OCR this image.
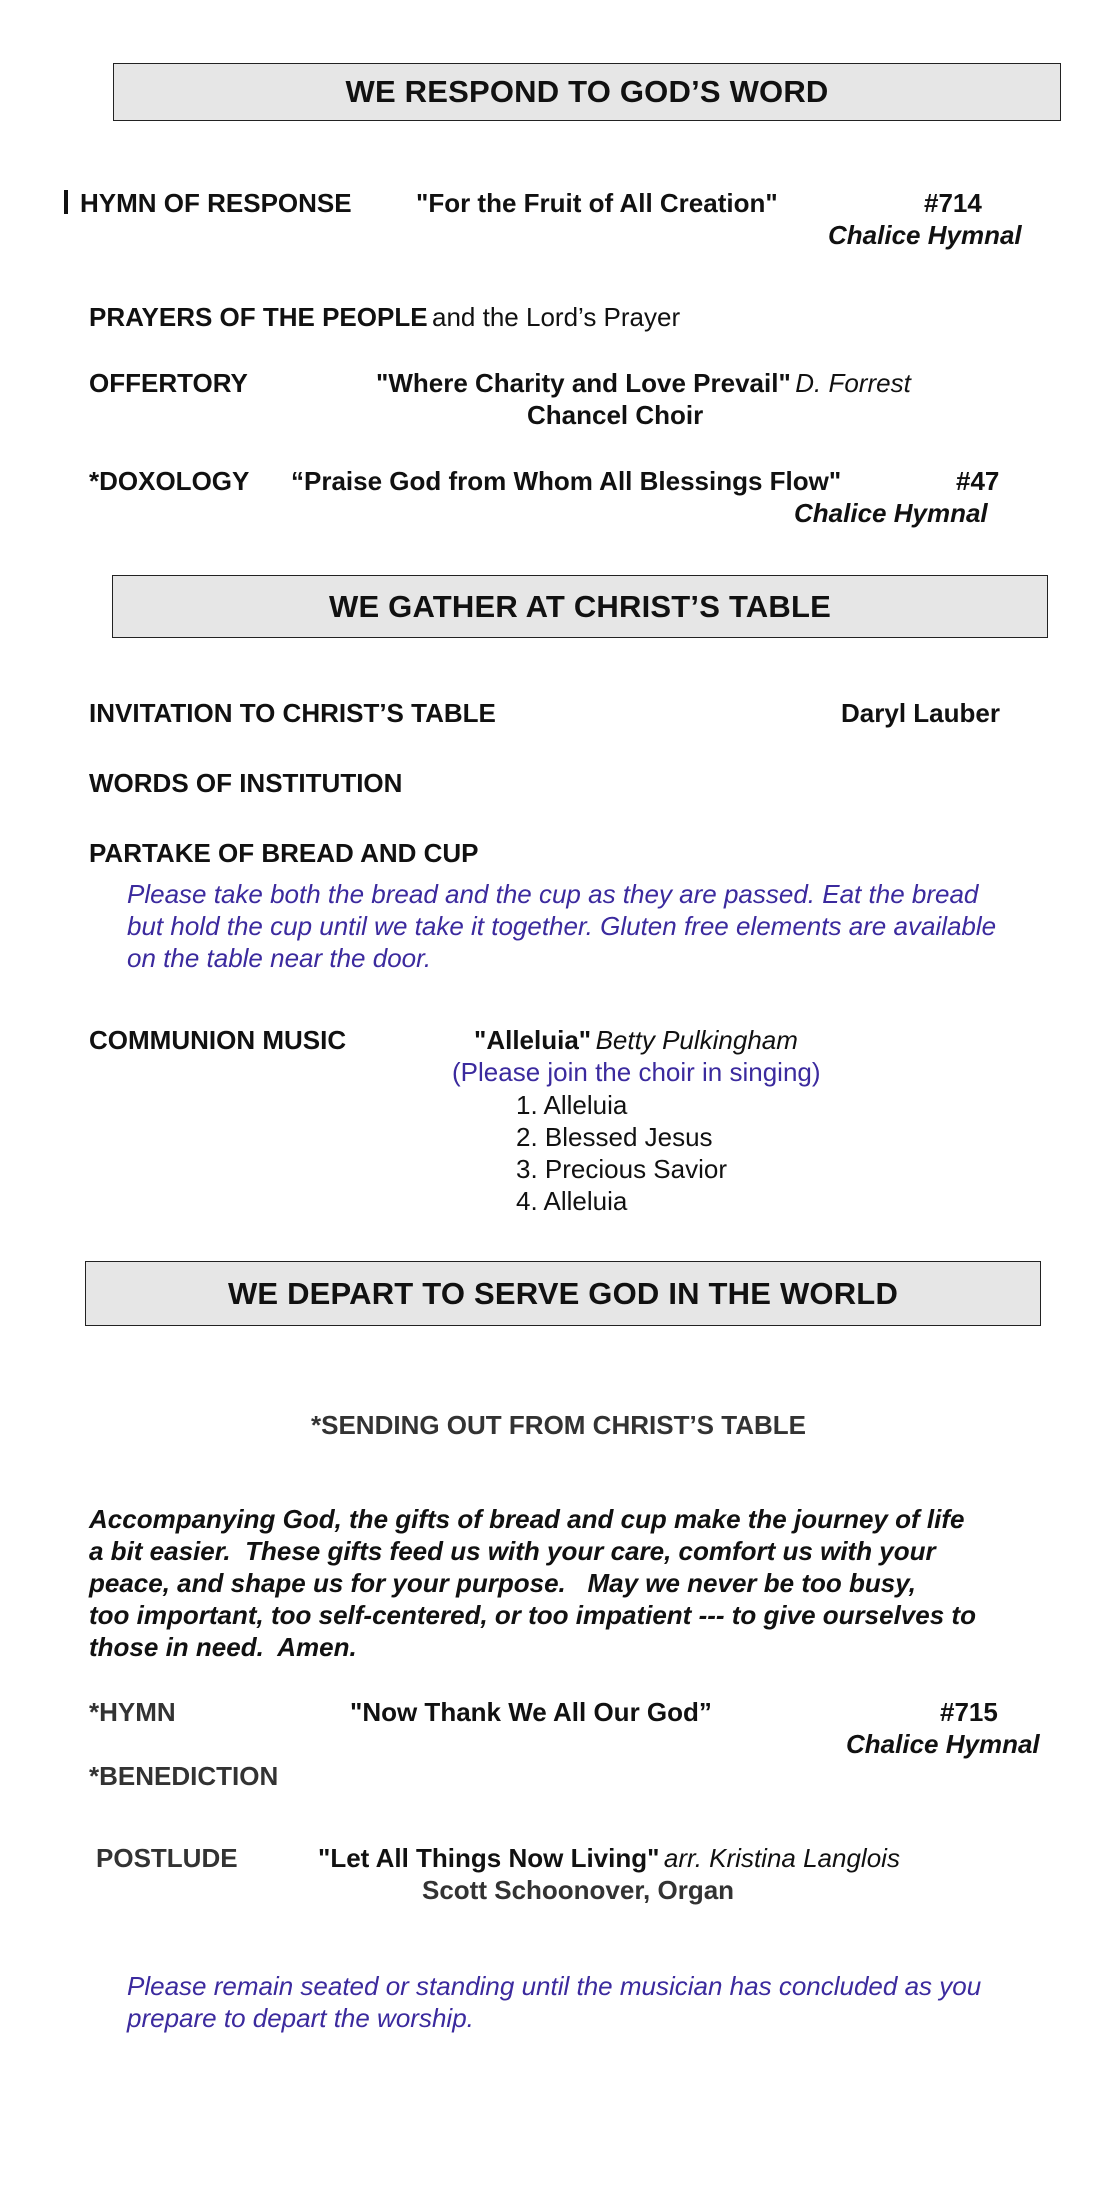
WE RESPOND TO GOD’S WORD
HYMN OF RESPONSE "For the Fruit of All Creation"	#714
Chalice Hymnal
PRAYERS OF THE PEOPLE and the Lord’s Prayer
OFFERTORY	"Where Charity and Love Prevail" D. Forrest
Chancel Choir
*DOXOLOGY “Praise God from Whom All Blessings Flow"	#47
Chalice Hymnal
WE GATHER AT CHRIST’S TABLE
INVITATION TO CHRIST’S TABLE	Daryl Lauber
WORDS OF INSTITUTION
PARTAKE OF BREAD AND CUP
Please take both the bread and the cup as they are passed. Eat the bread
but hold the cup until we take it together. Gluten free elements are available
on the table near the door.
COMMUNION MUSIC	"Alleluia" Betty Pulkingham
(Please join the choir in singing)
1. Alleluia
2. Blessed Jesus
3. Precious Savior
4. Alleluia
WE DEPART TO SERVE GOD IN THE WORLD
*SENDING OUT FROM CHRIST’S TABLE
Accompanying God, the gifts of bread and cup make the journey of life
a bit easier.  These gifts feed us with your care, comfort us with your
peace, and shape us for your purpose.   May we never be too busy,
too important, too self-centered, or too impatient --- to give ourselves to
those in need.  Amen.
*HYMN	"Now Thank We All Our God”	#715
Chalice Hymnal
*BENEDICTION
POSTLUDE	"Let All Things Now Living" arr. Kristina Langlois
Scott Schoonover, Organ
Please remain seated or standing until the musician has concluded as you
prepare to depart the worship.
